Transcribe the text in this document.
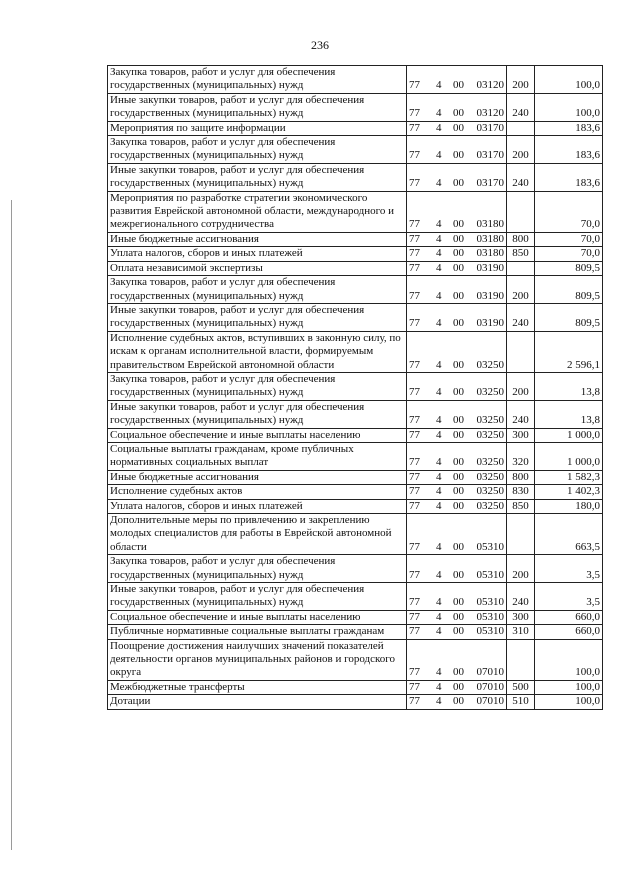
236
Закупка товаров, работ и услуг для обеспечения государственных (муниципальных) нужд	77	4	00	03120	200	100,0
Иные закупки товаров, работ и услуг для обеспечения государственных (муниципальных) нужд	77	4	00	03120	240	100,0
Мероприятия по защите информации	77	4	00	03170		183,6
Закупка товаров, работ и услуг для обеспечения государственных (муниципальных) нужд	77	4	00	03170	200	183,6
Иные закупки товаров, работ и услуг для обеспечения государственных (муниципальных) нужд	77	4	00	03170	240	183,6
Мероприятия по разработке стратегии экономического развития Еврейской автономной области, международного и межрегионального сотрудничества	77	4	00	03180		70,0
Иные бюджетные ассигнования	77	4	00	03180	800	70,0
Уплата налогов, сборов и иных платежей	77	4	00	03180	850	70,0
Оплата независимой экспертизы	77	4	00	03190		809,5
Закупка товаров, работ и услуг для обеспечения государственных (муниципальных) нужд	77	4	00	03190	200	809,5
Иные закупки товаров, работ и услуг для обеспечения государственных (муниципальных) нужд	77	4	00	03190	240	809,5
Исполнение судебных актов, вступивших в законную силу, по искам к органам исполнительной власти, формируемым правительством Еврейской автономной области	77	4	00	03250		2 596,1
Закупка товаров, работ и услуг для обеспечения государственных (муниципальных) нужд	77	4	00	03250	200	13,8
Иные закупки товаров, работ и услуг для обеспечения государственных (муниципальных) нужд	77	4	00	03250	240	13,8
Социальное обеспечение и иные выплаты населению	77	4	00	03250	300	1 000,0
Социальные выплаты гражданам, кроме публичных нормативных социальных выплат	77	4	00	03250	320	1 000,0
Иные бюджетные ассигнования	77	4	00	03250	800	1 582,3
Исполнение судебных актов	77	4	00	03250	830	1 402,3
Уплата налогов, сборов и иных платежей	77	4	00	03250	850	180,0
Дополнительные меры по привлечению и закреплению молодых специалистов для работы в Еврейской автономной области	77	4	00	05310		663,5
Закупка товаров, работ и услуг для обеспечения государственных (муниципальных) нужд	77	4	00	05310	200	3,5
Иные закупки товаров, работ и услуг для обеспечения государственных (муниципальных) нужд	77	4	00	05310	240	3,5
Социальное обеспечение и иные выплаты населению	77	4	00	05310	300	660,0
Публичные нормативные социальные выплаты гражданам	77	4	00	05310	310	660,0
Поощрение достижения наилучших значений показателей деятельности органов муниципальных районов и городского округа	77	4	00	07010		100,0
Межбюджетные трансферты	77	4	00	07010	500	100,0
Дотации	77	4	00	07010	510	100,0
